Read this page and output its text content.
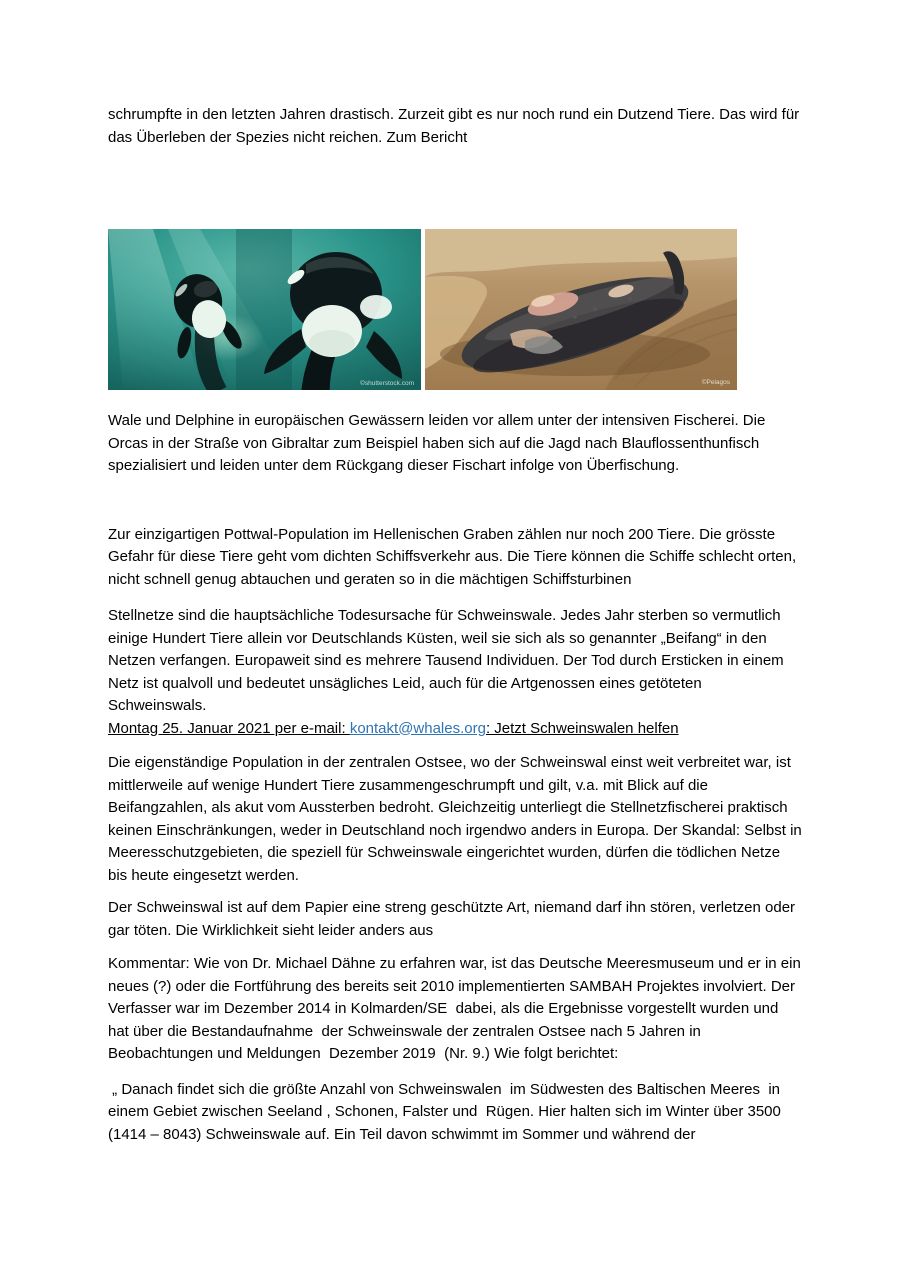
schrumpfte in den letzten Jahren drastisch. Zurzeit gibt es nur noch rund ein Dutzend Tiere. Das wird für das Überleben der Spezies nicht reichen. Zum Bericht

©shutterstock.com	©Pelagos

Wale und Delphine in europäischen Gewässern leiden vor allem unter der intensiven Fischerei. Die Orcas in der Straße von Gibraltar zum Beispiel haben sich auf die Jagd nach Blauflossenthunfisch spezialisiert und leiden unter dem Rückgang dieser Fischart infolge von Überfischung.

Zur einzigartigen Pottwal-Population im Hellenischen Graben zählen nur noch 200 Tiere. Die grösste Gefahr für diese Tiere geht vom dichten Schiffsverkehr aus. Die Tiere können die Schiffe schlecht orten, nicht schnell genug abtauchen und geraten so in die mächtigen Schiffsturbinen

Stellnetze sind die hauptsächliche Todesursache für Schweinswale. Jedes Jahr sterben so vermutlich einige Hundert Tiere allein vor Deutschlands Küsten, weil sie sich als so genannter „Beifang“ in den Netzen verfangen. Europaweit sind es mehrere Tausend Individuen. Der Tod durch Ersticken in einem Netz ist qualvoll und bedeutet unsägliches Leid, auch für die Artgenossen eines getöteten Schweinswals.

Montag 25. Januar 2021 per e-mail: kontakt@whales.org: Jetzt Schweinswalen helfen

Die eigenständige Population in der zentralen Ostsee, wo der Schweinswal einst weit verbreitet war, ist mittlerweile auf wenige Hundert Tiere zusammengeschrumpft und gilt, v.a. mit Blick auf die Beifangzahlen, als akut vom Aussterben bedroht. Gleichzeitig unterliegt die Stellnetzfischerei praktisch keinen Einschränkungen, weder in Deutschland noch irgendwo anders in Europa. Der Skandal: Selbst in Meeresschutzgebieten, die speziell für Schweinswale eingerichtet wurden, dürfen die tödlichen Netze bis heute eingesetzt werden.

Der Schweinswal ist auf dem Papier eine streng geschützte Art, niemand darf ihn stören, verletzen oder gar töten. Die Wirklichkeit sieht leider anders aus

Kommentar: Wie von Dr. Michael Dähne zu erfahren war, ist das Deutsche Meeresmuseum und er in ein neues (?) oder die Fortführung des bereits seit 2010 implementierten SAMBAH Projektes involviert. Der Verfasser war im Dezember 2014 in Kolmarden/SE  dabei, als die Ergebnisse vorgestellt wurden und hat über die Bestandaufnahme  der Schweinswale der zentralen Ostsee nach 5 Jahren in Beobachtungen und Meldungen  Dezember 2019  (Nr. 9.) Wie folgt berichtet:

„ Danach findet sich die größte Anzahl von Schweinswalen  im Südwesten des Baltischen Meeres  in einem Gebiet zwischen Seeland , Schonen, Falster und  Rügen. Hier halten sich im Winter über 3500 (1414 – 8043) Schweinswale auf. Ein Teil davon schwimmt im Sommer und während der
